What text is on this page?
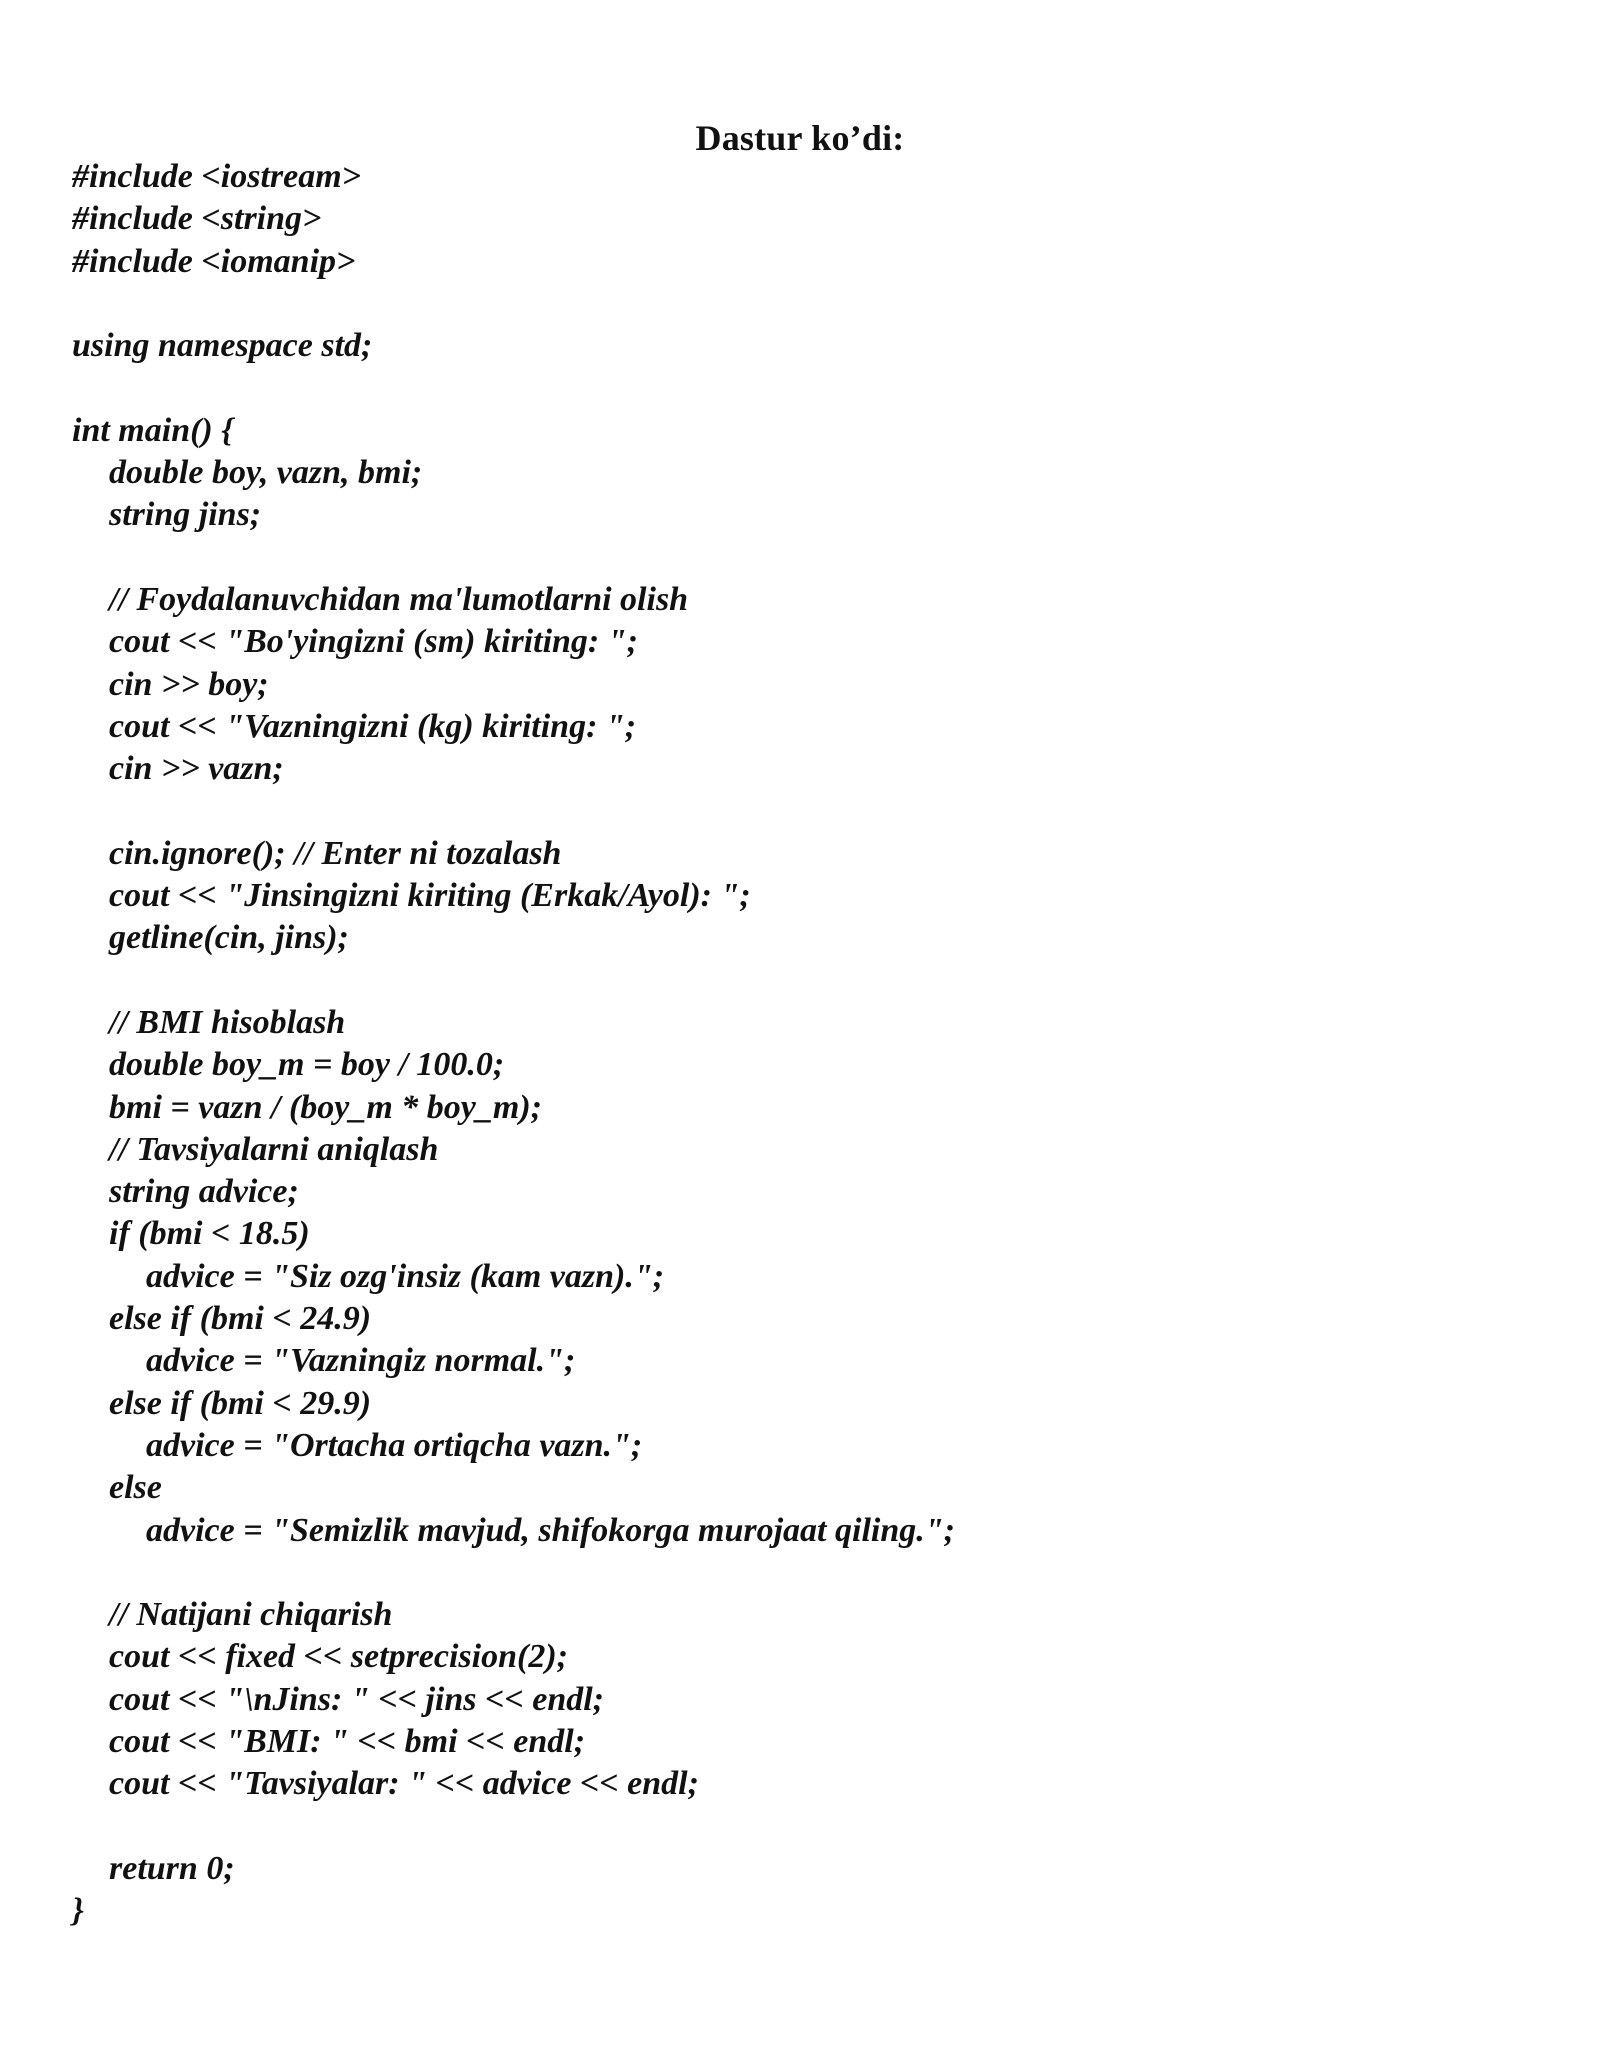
Dastur ko’di:
#include <iostream>
#include <string>
#include <iomanip>
using namespace std;
int main() {
double boy, vazn, bmi;
string jins;
// Foydalanuvchidan ma'lumotlarni olish
cout << "Bo'yingizni (sm) kiriting: ";
cin >> boy;
cout << "Vazningizni (kg) kiriting: ";
cin >> vazn;
cin.ignore(); // Enter ni tozalash
cout << "Jinsingizni kiriting (Erkak/Ayol): ";
getline(cin, jins);
// BMI hisoblash
double boy_m = boy / 100.0;
bmi = vazn / (boy_m * boy_m);
// Tavsiyalarni aniqlash
string advice;
if (bmi < 18.5)
advice = "Siz ozg'insiz (kam vazn).";
else if (bmi < 24.9)
advice = "Vazningiz normal.";
else if (bmi < 29.9)
advice = "Ortacha ortiqcha vazn.";
else
advice = "Semizlik mavjud, shifokorga murojaat qiling.";
// Natijani chiqarish
cout << fixed << setprecision(2);
cout << "\nJins: " << jins << endl;
cout << "BMI: " << bmi << endl;
cout << "Tavsiyalar: " << advice << endl;
return 0;
}
